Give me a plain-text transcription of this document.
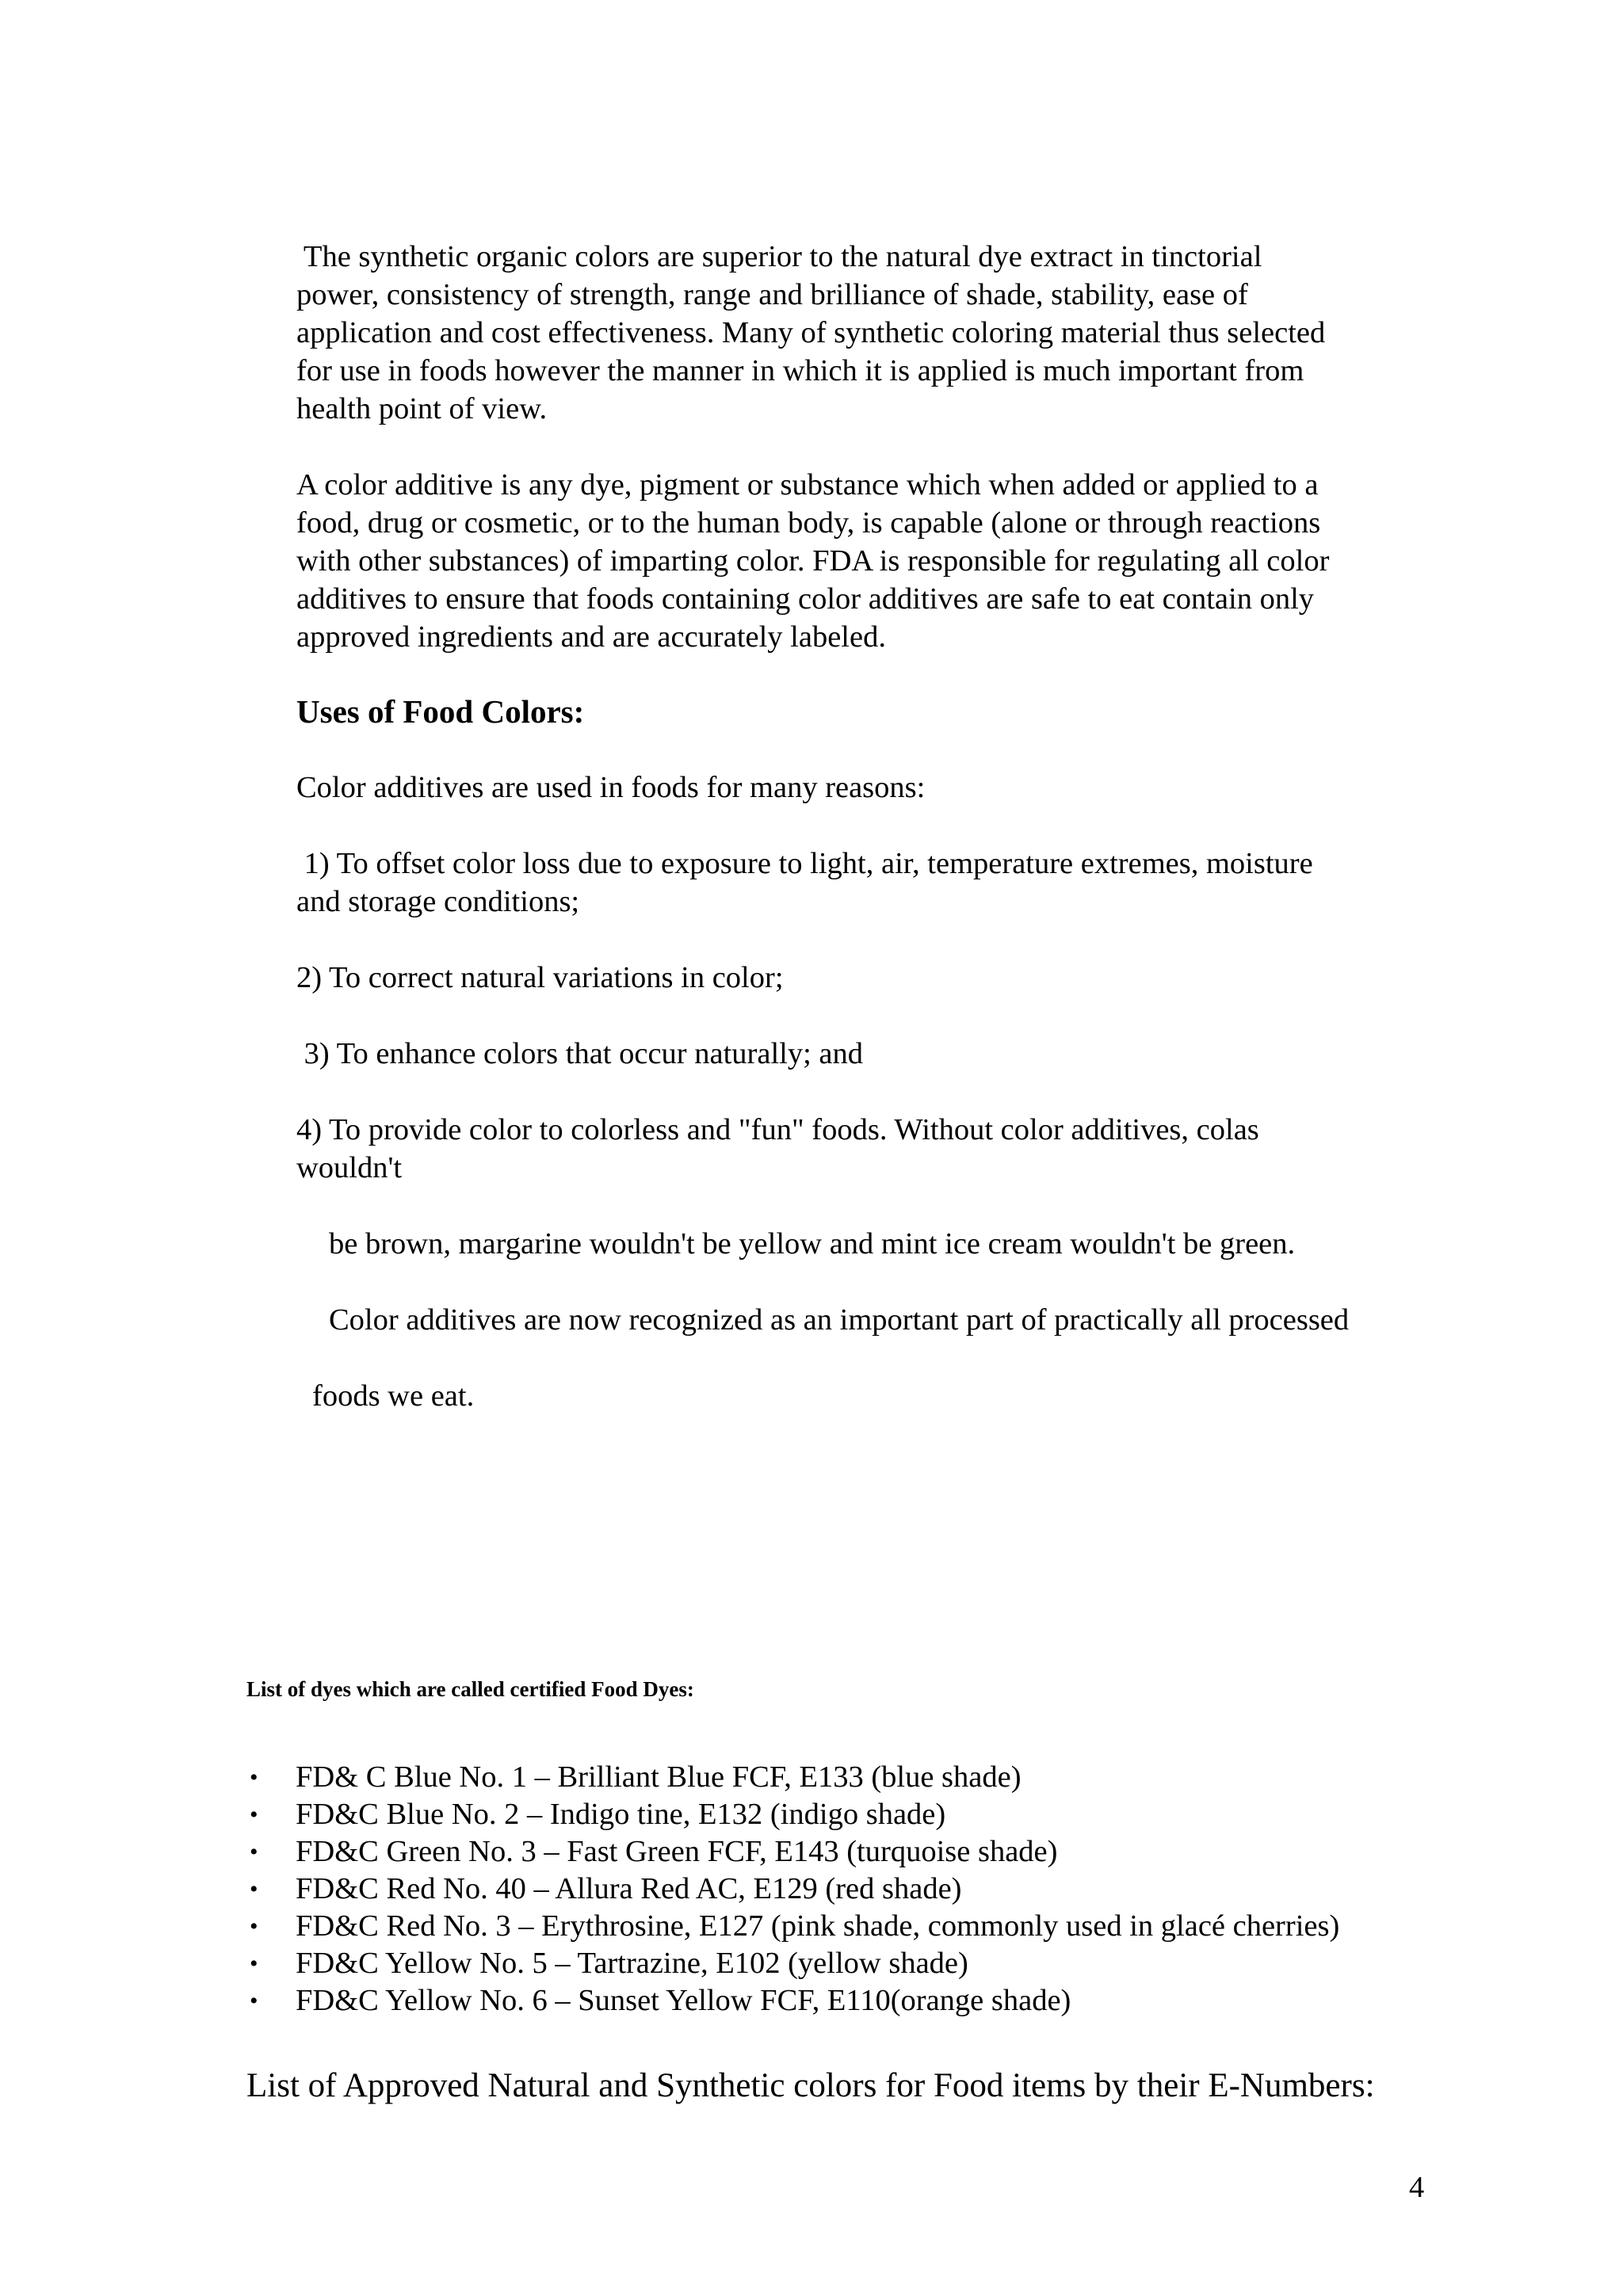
The synthetic organic colors are superior to the natural dye extract in tinctorial
power, consistency of strength, range and brilliance of shade, stability, ease of
application and cost effectiveness. Many of synthetic coloring material thus selected
for use in foods however the manner in which it is applied is much important from
health point of view.
A color additive is any dye, pigment or substance which when added or applied to a
food, drug or cosmetic, or to the human body, is capable (alone or through reactions
with other substances) of imparting color. FDA is responsible for regulating all color
additives to ensure that foods containing color additives are safe to eat contain only
approved ingredients and are accurately labeled.
Uses of Food Colors:
Color additives are used in foods for many reasons:
1) To offset color loss due to exposure to light, air, temperature extremes, moisture
and storage conditions;
2) To correct natural variations in color;
3) To enhance colors that occur naturally; and
4) To provide color to colorless and "fun" foods. Without color additives, colas
wouldn't
be brown, margarine wouldn't be yellow and mint ice cream wouldn't be green.
Color additives are now recognized as an important part of practically all processed
foods we eat.
List of dyes which are called certified Food Dyes:
• FD& C Blue No. 1 – Brilliant Blue FCF, E133 (blue shade)
• FD&C Blue No. 2 – Indigo tine, E132 (indigo shade)
• FD&C Green No. 3 – Fast Green FCF, E143 (turquoise shade)
• FD&C Red No. 40 – Allura Red AC, E129 (red shade)
• FD&C Red No. 3 – Erythrosine, E127 (pink shade, commonly used in glacé cherries)
• FD&C Yellow No. 5 – Tartrazine, E102 (yellow shade)
• FD&C Yellow No. 6 – Sunset Yellow FCF, E110(orange shade)
List of Approved Natural and Synthetic colors for Food items by their E-Numbers:
4
